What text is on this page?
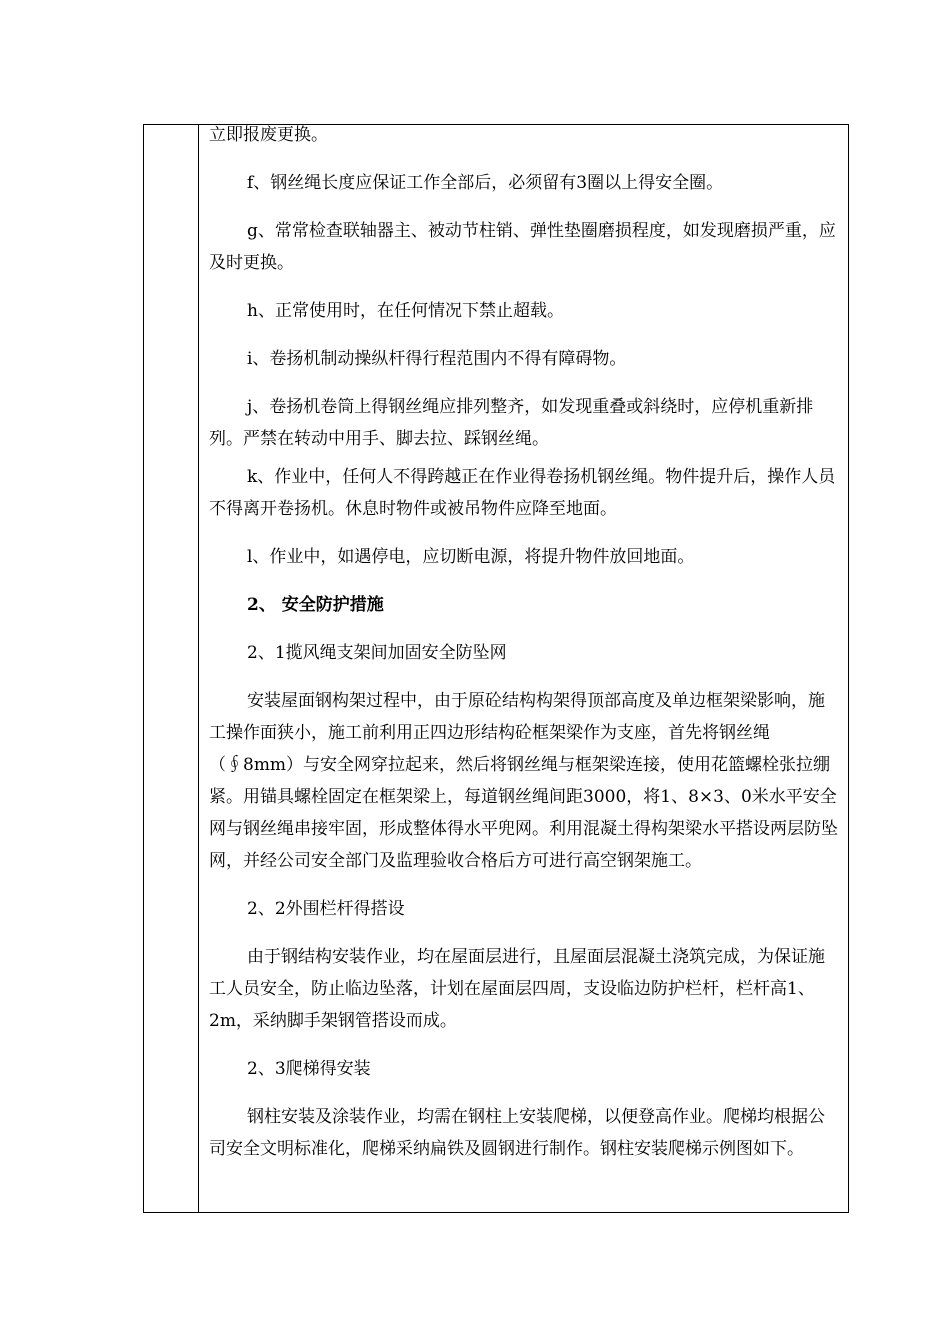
立即报废更换。

f、钢丝绳长度应保证工作全部后，必须留有3圈以上得安全圈。

g、常常检查联轴器主、被动节柱销、弹性垫圈磨损程度，如发现磨损严重，应及时更换。

h、正常使用时，在任何情况下禁止超载。

i、卷扬机制动操纵杆得行程范围内不得有障碍物。

j、卷扬机卷筒上得钢丝绳应排列整齐，如发现重叠或斜绕时，应停机重新排列。严禁在转动中用手、脚去拉、踩钢丝绳。

k、作业中，任何人不得跨越正在作业得卷扬机钢丝绳。物件提升后，操作人员不得离开卷扬机。休息时物件或被吊物件应降至地面。

l、作业中，如遇停电，应切断电源，将提升物件放回地面。

2、 安全防护措施

2、1揽风绳支架间加固安全防坠网

安装屋面钢构架过程中，由于原砼结构构架得顶部高度及单边框架梁影响，施工操作面狭小，施工前利用正四边形结构砼框架梁作为支座，首先将钢丝绳（∮8mm）与安全网穿拉起来，然后将钢丝绳与框架梁连接，使用花篮螺栓张拉绷紧。用锚具螺栓固定在框架梁上，每道钢丝绳间距3000，将1、8×3、0米水平安全网与钢丝绳串接牢固，形成整体得水平兜网。利用混凝土得构架梁水平搭设两层防坠网，并经公司安全部门及监理验收合格后方可进行高空钢架施工。

2、2外围栏杆得搭设

由于钢结构安装作业，均在屋面层进行，且屋面层混凝土浇筑完成，为保证施工人员安全，防止临边坠落，计划在屋面层四周，支设临边防护栏杆，栏杆高1、2m，采纳脚手架钢管搭设而成。

2、3爬梯得安装

钢柱安装及涂装作业，均需在钢柱上安装爬梯，以便登高作业。爬梯均根据公司安全文明标准化，爬梯采纳扁铁及圆钢进行制作。钢柱安装爬梯示例图如下。
